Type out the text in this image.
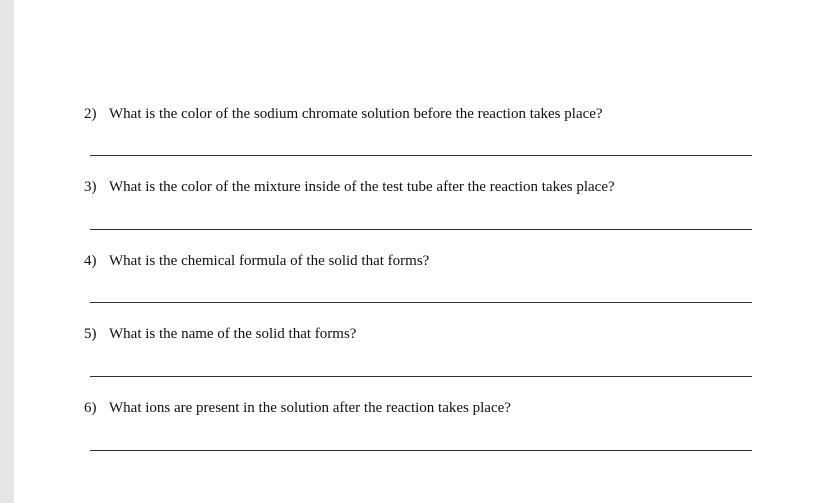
2) What is the color of the sodium chromate solution before the reaction takes place?
3) What is the color of the mixture inside of the test tube after the reaction takes place?
4) What is the chemical formula of the solid that forms?
5) What is the name of the solid that forms?
6) What ions are present in the solution after the reaction takes place?
